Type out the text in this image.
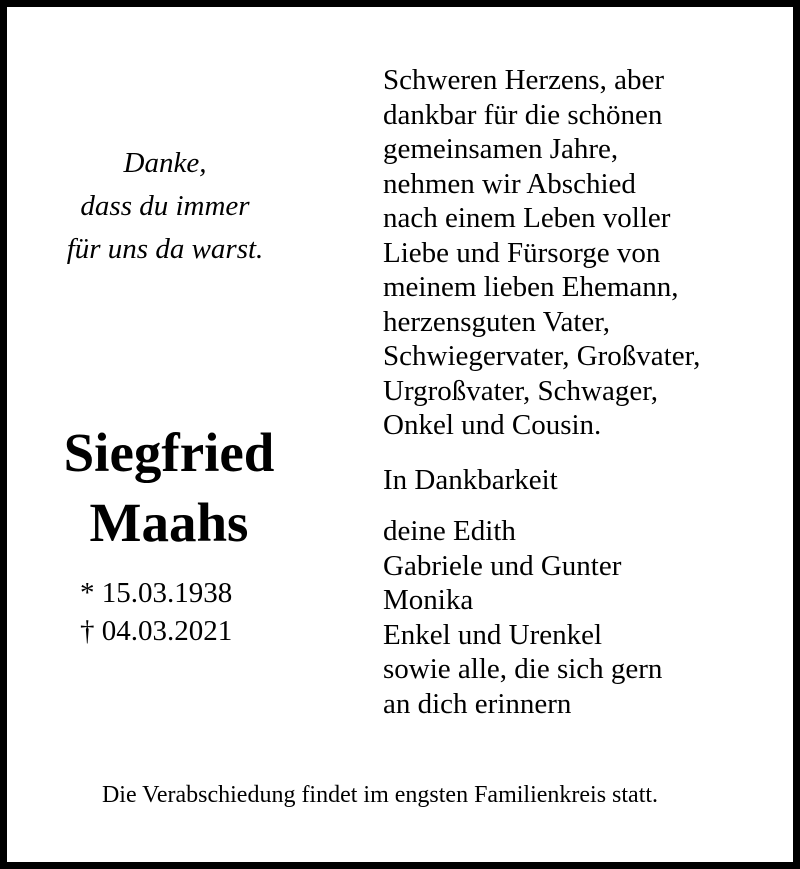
Danke,
dass du immer
für uns da warst.
Siegfried
Maahs
* 15.03.1938
† 04.03.2021
Schweren Herzens, aber
dankbar für die schönen
gemeinsamen Jahre,
nehmen wir Abschied
nach einem Leben voller
Liebe und Fürsorge von
meinem lieben Ehemann,
herzensguten Vater,
Schwiegervater, Großvater,
Urgroßvater, Schwager,
Onkel und Cousin.
In Dankbarkeit
deine Edith
Gabriele und Gunter
Monika
Enkel und Urenkel
sowie alle, die sich gern
an dich erinnern
Die Verabschiedung findet im engsten Familienkreis statt.
